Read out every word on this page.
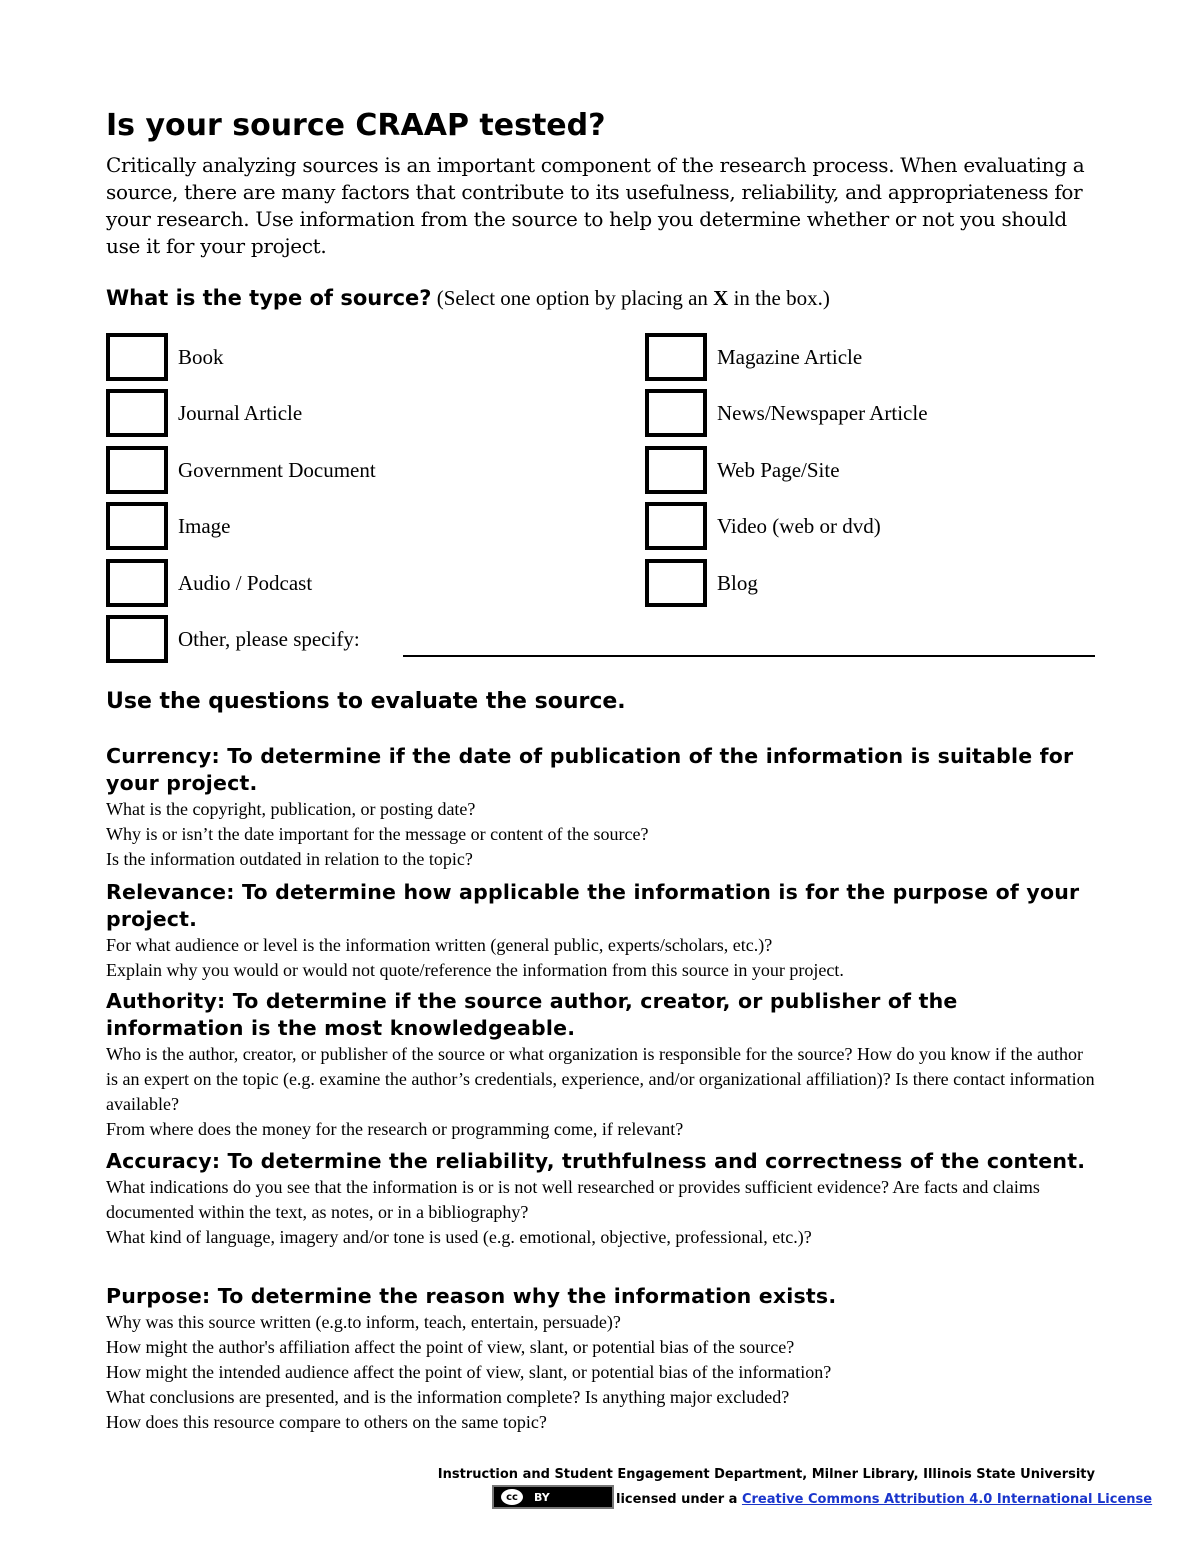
Is your source CRAAP tested?
Critically analyzing sources is an important component of the research process. When evaluating a source, there are many factors that contribute to its usefulness, reliability, and appropriateness for your research. Use information from the source to help you determine whether or not you should use it for your project.
What is the type of source? (Select one option by placing an X in the box.)
Book
Journal Article
Government Document
Image
Audio / Podcast
Other, please specify:
Magazine Article
News/Newspaper Article
Web Page/Site
Video (web or dvd)
Blog
Use the questions to evaluate the source.
Currency: To determine if the date of publication of the information is suitable for your project.
What is the copyright, publication, or posting date?
Why is or isn’t the date important for the message or content of the source?
Is the information outdated in relation to the topic?
Relevance: To determine how applicable the information is for the purpose of your project.
For what audience or level is the information written (general public, experts/scholars, etc.)?
Explain why you would or would not quote/reference the information from this source in your project.
Authority: To determine if the source author, creator, or publisher of the information is the most knowledgeable.
Who is the author, creator, or publisher of the source or what organization is responsible for the source? How do you know if the author is an expert on the topic (e.g. examine the author’s credentials, experience, and/or organizational affiliation)? Is there contact information available?
From where does the money for the research or programming come, if relevant?
Accuracy: To determine the reliability, truthfulness and correctness of the content.
What indications do you see that the information is or is not well researched or provides sufficient evidence? Are facts and claims documented within the text, as notes, or in a bibliography?
What kind of language, imagery and/or tone is used (e.g. emotional, objective, professional, etc.)?
Purpose: To determine the reason why the information exists.
Why was this source written (e.g.to inform, teach, entertain, persuade)?
How might the author's affiliation affect the point of view, slant, or potential bias of the source?
How might the intended audience affect the point of view, slant, or potential bias of the information?
What conclusions are presented, and is the information complete? Is anything major excluded?
How does this resource compare to others on the same topic?
Instruction and Student Engagement Department, Milner Library, Illinois State University
cc	BY	licensed under a Creative Commons Attribution 4.0 International License
